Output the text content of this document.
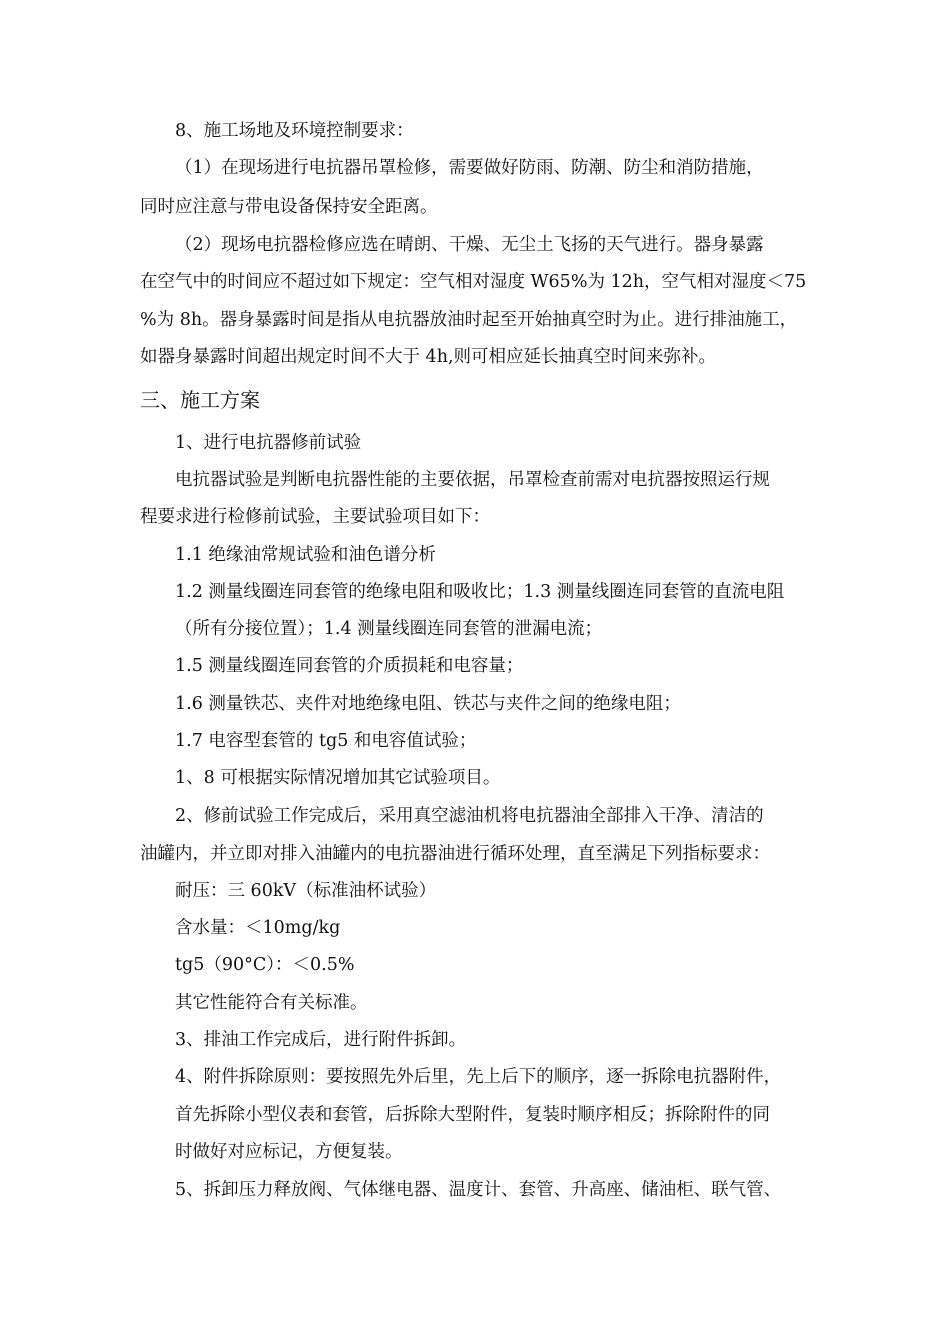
8、施工场地及环境控制要求：
（1）在现场进行电抗器吊罩检修，需要做好防雨、防潮、防尘和消防措施，
同时应注意与带电设备保持安全距离。
（2）现场电抗器检修应选在晴朗、干燥、无尘土飞扬的天气进行。器身暴露
在空气中的时间应不超过如下规定：空气相对湿度 W65%为 12h，空气相对湿度＜75
%为 8h。器身暴露时间是指从电抗器放油时起至开始抽真空时为止。进行排油施工，
如器身暴露时间超出规定时间不大于 4h,则可相应延长抽真空时间来弥补。
三、施工方案
1、进行电抗器修前试验
电抗器试验是判断电抗器性能的主要依据，吊罩检查前需对电抗器按照运行规
程要求进行检修前试验，主要试验项目如下：
1.1 绝缘油常规试验和油色谱分析
1.2 测量线圈连同套管的绝缘电阻和吸收比；1.3 测量线圈连同套管的直流电阻
（所有分接位置）；1.4 测量线圈连同套管的泄漏电流；
1.5 测量线圈连同套管的介质损耗和电容量；
1.6 测量铁芯、夹件对地绝缘电阻、铁芯与夹件之间的绝缘电阻；
1.7 电容型套管的 tg5 和电容值试验；
1、8 可根据实际情况增加其它试验项目。
2、修前试验工作完成后，采用真空滤油机将电抗器油全部排入干净、清洁的
油罐内，并立即对排入油罐内的电抗器油进行循环处理，直至满足下列指标要求：
耐压：三 60kV（标准油杯试验）
含水量：＜10mg/kg
tg5（90°C）：＜0.5%
其它性能符合有关标准。
3、排油工作完成后，进行附件拆卸。
4、附件拆除原则：要按照先外后里，先上后下的顺序，逐一拆除电抗器附件，
首先拆除小型仪表和套管，后拆除大型附件，复装时顺序相反；拆除附件的同
时做好对应标记，方便复装。
5、拆卸压力释放阀、气体继电器、温度计、套管、升高座、储油柜、联气管、
